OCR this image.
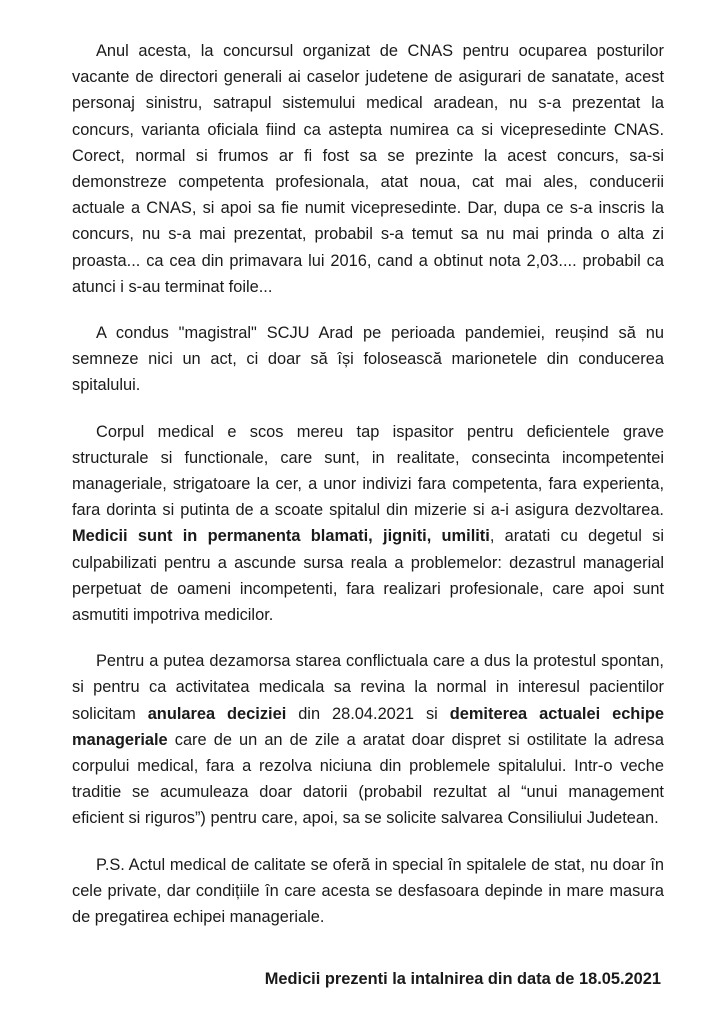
Anul acesta, la concursul organizat de CNAS pentru ocuparea posturilor vacante de directori generali ai caselor judetene de asigurari de sanatate, acest personaj sinistru, satrapul sistemului medical aradean, nu s-a prezentat la concurs, varianta oficiala fiind ca astepta numirea ca si vicepresedinte CNAS. Corect, normal si frumos ar fi fost sa se prezinte la acest concurs, sa-si demonstreze competenta profesionala, atat noua, cat mai ales, conducerii actuale a CNAS, si apoi sa fie numit vicepresedinte. Dar, dupa ce s-a inscris la concurs, nu s-a mai prezentat, probabil s-a temut sa nu mai prinda o alta zi proasta... ca cea din primavara lui 2016, cand a obtinut nota 2,03.... probabil ca atunci i s-au terminat foile...

A condus "magistral" SCJU Arad pe perioada pandemiei, reușind să nu semneze nici un act, ci doar să își folosească marionetele din conducerea spitalului.

Corpul medical e scos mereu tap ispasitor pentru deficientele grave structurale si functionale, care sunt, in realitate, consecinta incompetentei manageriale, strigatoare la cer, a unor indivizi fara competenta, fara experienta, fara dorinta si putinta de a scoate spitalul din mizerie si a-i asigura dezvoltarea. Medicii sunt in permanenta blamati, jigniti, umiliti, aratati cu degetul si culpabilizati pentru a ascunde sursa reala a problemelor: dezastrul managerial perpetuat de oameni incompetenti, fara realizari profesionale, care apoi sunt asmutiti impotriva medicilor.

Pentru a putea dezamorsa starea conflictuala care a dus la protestul spontan, si pentru ca activitatea medicala sa revina la normal in interesul pacientilor solicitam anularea deciziei din 28.04.2021 si demiterea actualei echipe manageriale care de un an de zile a aratat doar dispret si ostilitate la adresa corpului medical, fara a rezolva niciuna din problemele spitalului. Intr-o veche traditie se acumuleaza doar datorii (probabil rezultat al “unui management eficient si riguros”) pentru care, apoi, sa se solicite salvarea Consiliului Judetean.

P.S. Actul medical de calitate se oferă in special în spitalele de stat, nu doar în cele private, dar condițiile în care acesta se desfasoara depinde in mare masura de pregatirea echipei manageriale.

Medicii prezenti la intalnirea din data de 18.05.2021
